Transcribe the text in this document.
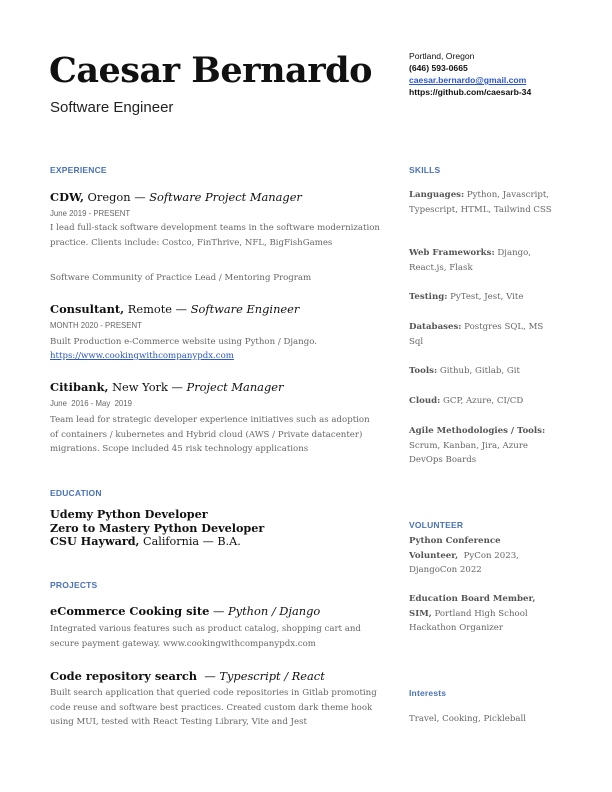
Caesar Bernardo
Software Engineer
Portland, Oregon
(646) 593-0665
caesar.bernardo@gmail.com
https://github.com/caesarb-34
EXPERIENCE
CDW, Oregon — Software Project Manager
June 2019 - PRESENT
I lead full-stack software development teams in the software modernization practice. Clients include: Costco, FinThrive, NFL, BigFishGames
Software Community of Practice Lead / Mentoring Program
Consultant, Remote — Software Engineer
MONTH 2020 - PRESENT
Built Production e-Commerce website using Python / Django.
https://www.cookingwithcompanypdx.com
Citibank, New York — Project Manager
June  2016 - May  2019
Team lead for strategic developer experience initiatives such as adoption of containers / kubernetes and Hybrid cloud (AWS / Private datacenter) migrations. Scope included 45 risk technology applications
EDUCATION
Udemy Python Developer
Zero to Mastery Python Developer
CSU Hayward, California — B.A.
PROJECTS
eCommerce Cooking site — Python / Django
Integrated various features such as product catalog, shopping cart and secure payment gateway. www.cookingwithcompanypdx.com
Code repository search  — Typescript / React
Built search application that queried code repositories in Gitlab promoting code reuse and software best practices. Created custom dark theme hook using MUI, tested with React Testing Library, Vite and Jest
SKILLS
Languages: Python, Javascript, Typescript, HTML, Tailwind CSS
Web Frameworks: Django, React.js, Flask
Testing: PyTest, Jest, Vite
Databases: Postgres SQL, MS Sql
Tools: Github, Gitlab, Git
Cloud: GCP, Azure, CI/CD
Agile Methodologies / Tools: Scrum, Kanban, Jira, Azure DevOps Boards
VOLUNTEER
Python Conference Volunteer,  PyCon 2023, DjangoCon 2022
Education Board Member, SIM, Portland High School Hackathon Organizer
Interests
Travel, Cooking, Pickleball
